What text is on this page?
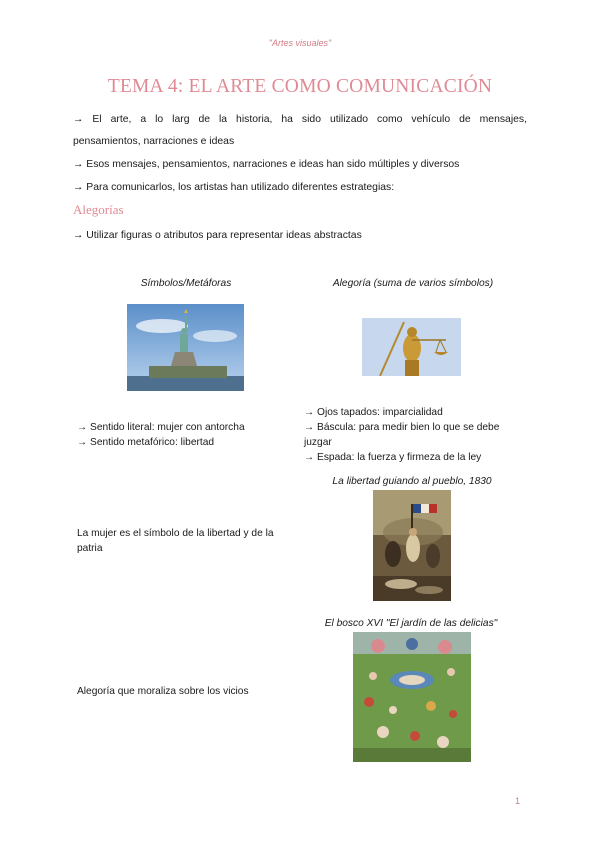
"Artes visuales"
TEMA 4: EL ARTE COMO COMUNICACIÓN
→ El arte, a lo larg de la historia, ha sido utilizado como vehículo de mensajes,
pensamientos, narraciones e ideas
→ Esos mensajes, pensamientos, narraciones e ideas han sido múltiples y diversos
→ Para comunicarlos, los artistas han utilizado diferentes estrategias:
Alegorías
→ Utilizar figuras o atributos para representar ideas abstractas
Símbolos/Metáforas	Alegoría (suma de varios símbolos)
→ Sentido literal: mujer con antorcha
→ Sentido metafórico: libertad
→ Ojos tapados: imparcialidad
→ Báscula: para medir bien lo que se debe
juzgar
→ Espada: la fuerza y firmeza de la ley
La libertad guiando al pueblo, 1830
La mujer es el símbolo de la libertad y de la
patria
El bosco XVI "El jardín de las delicias"
Alegoría que moraliza sobre los vicios
1
